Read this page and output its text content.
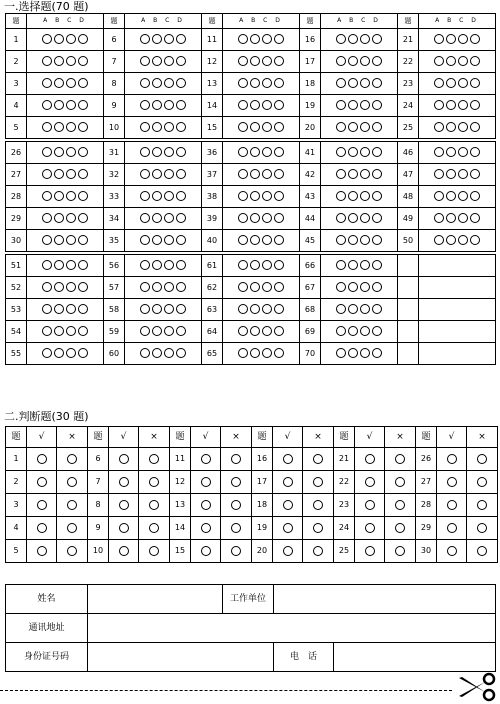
一.选择题(70 题)
题	A B C D	题	A B C D	题	A B C D	题	A B C D	题	A B C D
1		6		11		16		21	
2		7		12		17		22	
3		8		13		18		23	
4		9		14		19		24	
5		10		15		20		25	

26		31		36		41		46	
27		32		37		42		47	
28		33		38		43		48	
29		34		39		44		49	
30		35		40		45		50	

51		56		61		66			
52		57		62		67			
53		58		63		68			
54		59		64		69			
55		60		65		70			
二.判断题(30 题)
题	√	×	题	√	×	题	√	×	题	√	×	题	√	×	题	√	×
1			6			11			16			21			26		
2			7			12			17			22			27		
3			8			13			18			23			28		
4			9			14			19			24			29		
5			10			15			20			25			30		
姓名		工作单位		
通讯地址				
身份证号码			电　话	
